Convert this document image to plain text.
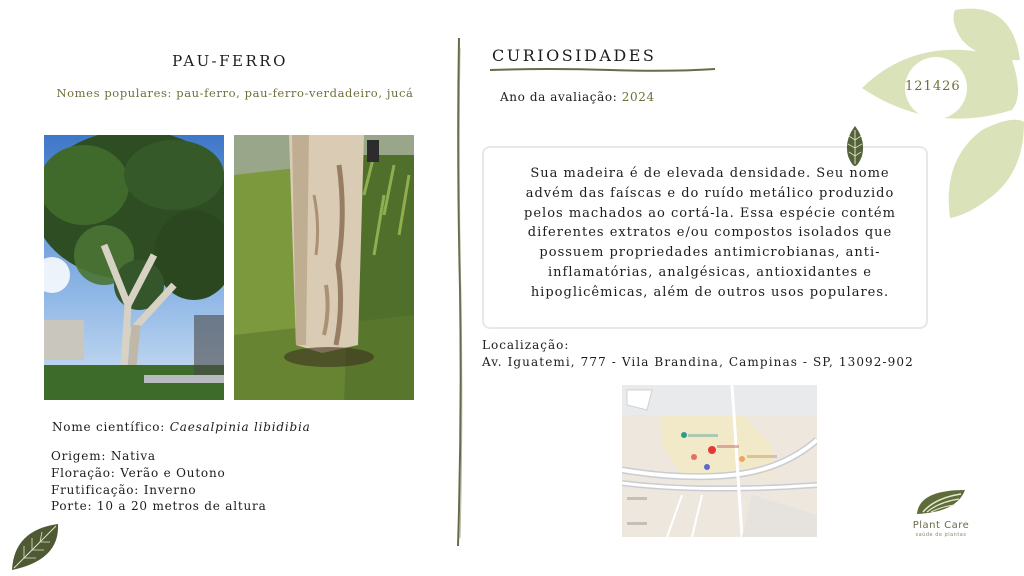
PAU-FERRO
Nomes populares: pau-ferro, pau-ferro-verdadeiro, jucá
Nome científico: Caesalpinia libidibia
Origem: Nativa
Floração: Verão e Outono
Frutificação: Inverno
Porte: 10 a 20 metros de altura
CURIOSIDADES
Ano da avaliação: 2024
Sua madeira é de elevada densidade. Seu nome advém das faíscas e do ruído metálico produzido pelos machados ao cortá-la. Essa espécie contém diferentes extratos e/ou compostos isolados que possuem propriedades antimicrobianas, anti-inflamatórias, analgésicas, antioxidantes e hipoglicêmicas, além de outros usos populares.
Localização:
Av. Iguatemi, 777 - Vila Brandina, Campinas - SP, 13092-902
121426
Plant Care
saúde de plantas
